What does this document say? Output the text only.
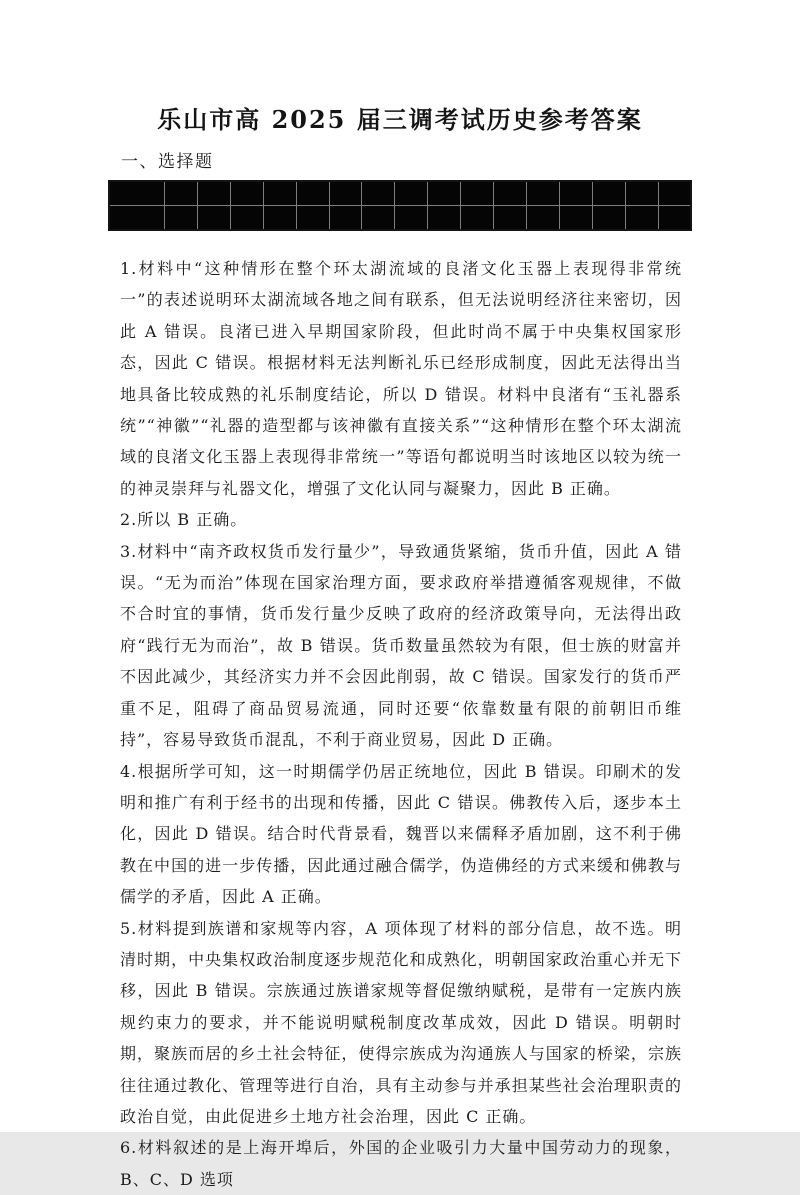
乐山市高 2025 届三调考试历史参考答案
一、选择题

1.材料中“这种情形在整个环太湖流域的良渚文化玉器上表现得非常统一”的表述说明环太湖流域各地之间有联系，但无法说明经济往来密切，因此 A 错误。良渚已进入早期国家阶段，但此时尚不属于中央集权国家形态，因此 C 错误。根据材料无法判断礼乐已经形成制度，因此无法得出当地具备比较成熟的礼乐制度结论，所以 D 错误。材料中良渚有“玉礼器系统”“神徽”“礼器的造型都与该神徽有直接关系”“这种情形在整个环太湖流域的良渚文化玉器上表现得非常统一”等语句都说明当时该地区以较为统一的神灵崇拜与礼器文化，增强了文化认同与凝聚力，因此 B 正确。

2.所以 B 正确。

3.材料中“南齐政权货币发行量少”，导致通货紧缩，货币升值，因此 A 错误。“无为而治”体现在国家治理方面，要求政府举措遵循客观规律，不做不合时宜的事情，货币发行量少反映了政府的经济政策导向，无法得出政府“践行无为而治”，故 B 错误。货币数量虽然较为有限，但士族的财富并不因此减少，其经济实力并不会因此削弱，故 C 错误。国家发行的货币严重不足，阻碍了商品贸易流通，同时还要“依靠数量有限的前朝旧币维持”，容易导致货币混乱，不利于商业贸易，因此 D 正确。

4.根据所学可知，这一时期儒学仍居正统地位，因此 B 错误。印刷术的发明和推广有利于经书的出现和传播，因此 C 错误。佛教传入后，逐步本土化，因此 D 错误。结合时代背景看，魏晋以来儒释矛盾加剧，这不利于佛教在中国的进一步传播，因此通过融合儒学，伪造佛经的方式来缓和佛教与儒学的矛盾，因此 A 正确。

5.材料提到族谱和家规等内容，A 项体现了材料的部分信息，故不选。明清时期，中央集权政治制度逐步规范化和成熟化，明朝国家政治重心并无下移，因此 B 错误。宗族通过族谱家规等督促缴纳赋税，是带有一定族内族规约束力的要求，并不能说明赋税制度改革成效，因此 D 错误。明朝时期，聚族而居的乡土社会特征，使得宗族成为沟通族人与国家的桥梁，宗族往往通过教化、管理等进行自治，具有主动参与并承担某些社会治理职责的政治自觉，由此促进乡土地方社会治理，因此 C 正确。

6.材料叙述的是上海开埠后，外国的企业吸引力大量中国劳动力的现象，B、C、D 选项
